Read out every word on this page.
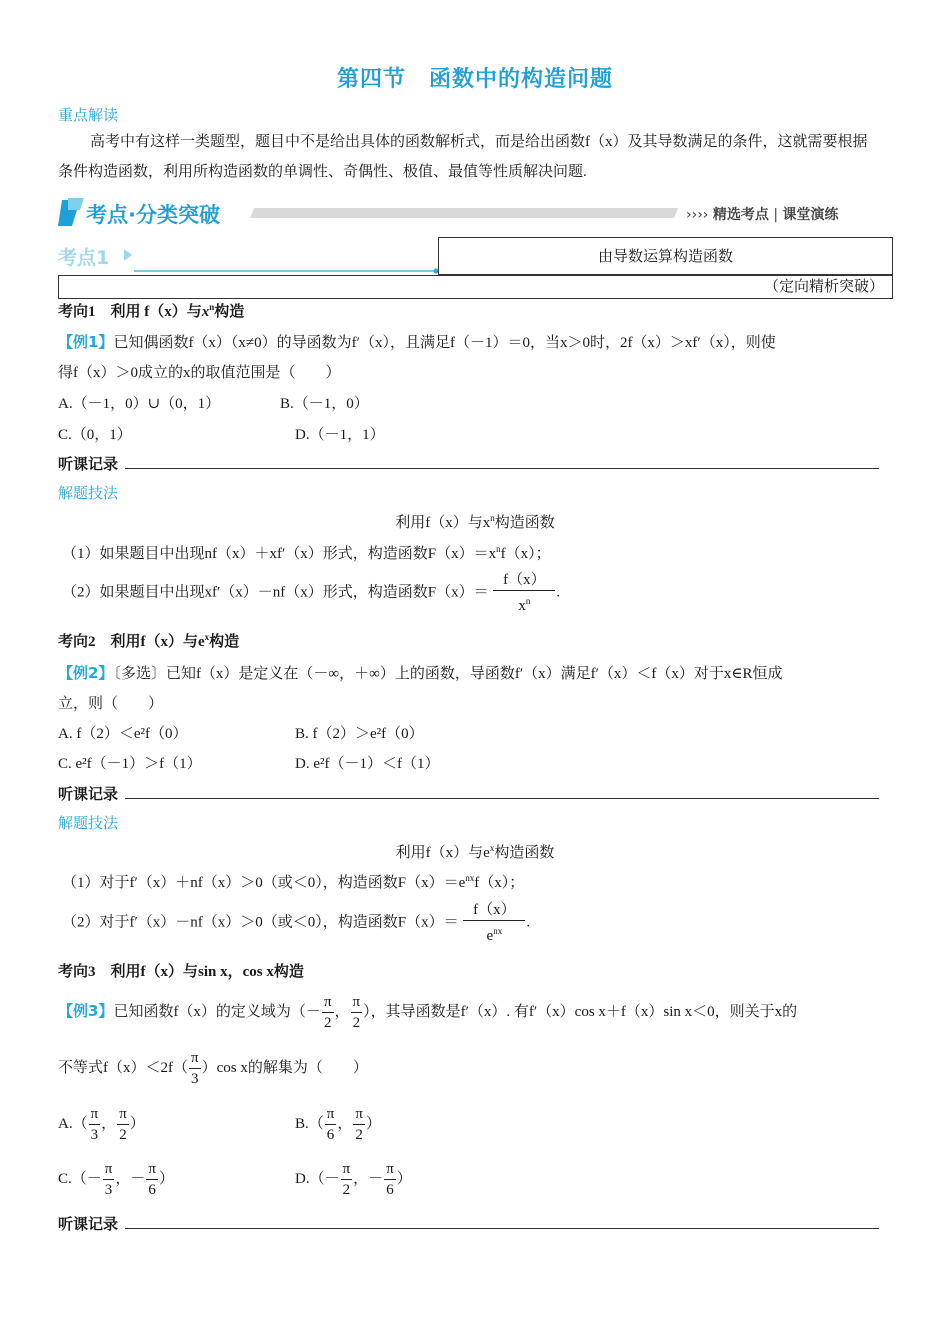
第四节　函数中的构造问题
重点解读
高考中有这样一类题型，题目中不是给出具体的函数解析式，而是给出函数f（x）及其导数满足的条件，这就需要根据条件构造函数，利用所构造函数的单调性、奇偶性、极值、最值等性质解决问题.
考点·分类突破	›››› 精选考点 | 课堂演练
考点1	由导数运算构造函数
（定向精析突破）
考向1　利用 f（x）与$x^n$构造
【例1】已知偶函数f（x）（x≠0）的导函数为f′（x），且满足f（－1）＝0，当x＞0时，2f（x）＞xf′（x），则使
得f（x）＞0成立的x的取值范围是（　　）
A.（－1，0）∪（0，1）	B.（－1，0）
C.（0，1）	D.（－1，1）
听课记录
解题技法
利用f（x）与$x^n$构造函数
（1）如果题目中出现nf（x）＋xf′（x）形式，构造函数$F(x)=x^nf(x)$；
（2）如果题目中出现xf′（x）－nf（x）形式，构造函数$F(x)= \frac{f(x)}{x^n}$ .
考向2　利用f（x）与$e^x$构造
【例2】〔多选〕已知f（x）是定义在（－∞，＋∞）上的函数，导函数f′（x）满足f′（x）＜f（x）对于x∈R恒成
立，则（　　）
A. f（2）＜e²f（0）	B. f（2）＞e²f（0）
C. e²f（－1）＞f（1）	D. e²f（－1）＜f（1）
听课记录
解题技法
利用f（x）与$e^x$构造函数
（1）对于f′（x）＋nf（x）＞0（或＜0），构造函数$F(x)=e^{nx}f(x)$；
（2）对于f′（x）－nf（x）＞0（或＜0），构造函数$F(x)= \frac{f(x)}{e^{nx}}$ .
考向3　利用f（x）与sin x，cos x构造
【例3】已知函数f（x）的定义域为（－ $\frac{\pi}{2}$ ， $\frac{\pi}{2}$ ），其导函数是f′（x）. 有f′（x）cos x＋f（x）sin x＜0，则关于x的
不等式$f(x)<2f( \frac{\pi}{3} )\cos$ x的解集为（　　）
$A.( \frac{\pi}{3}$ ， $\frac{\pi}{2}$ ）	$B.( \frac{\pi}{6}$ ， $\frac{\pi}{2}$ ）
$C.(- \frac{\pi}{3}$ ，－ $\frac{\pi}{6}$ ）	$D.(- \frac{\pi}{2}$ ，－ $\frac{\pi}{6}$ ）
听课记录
